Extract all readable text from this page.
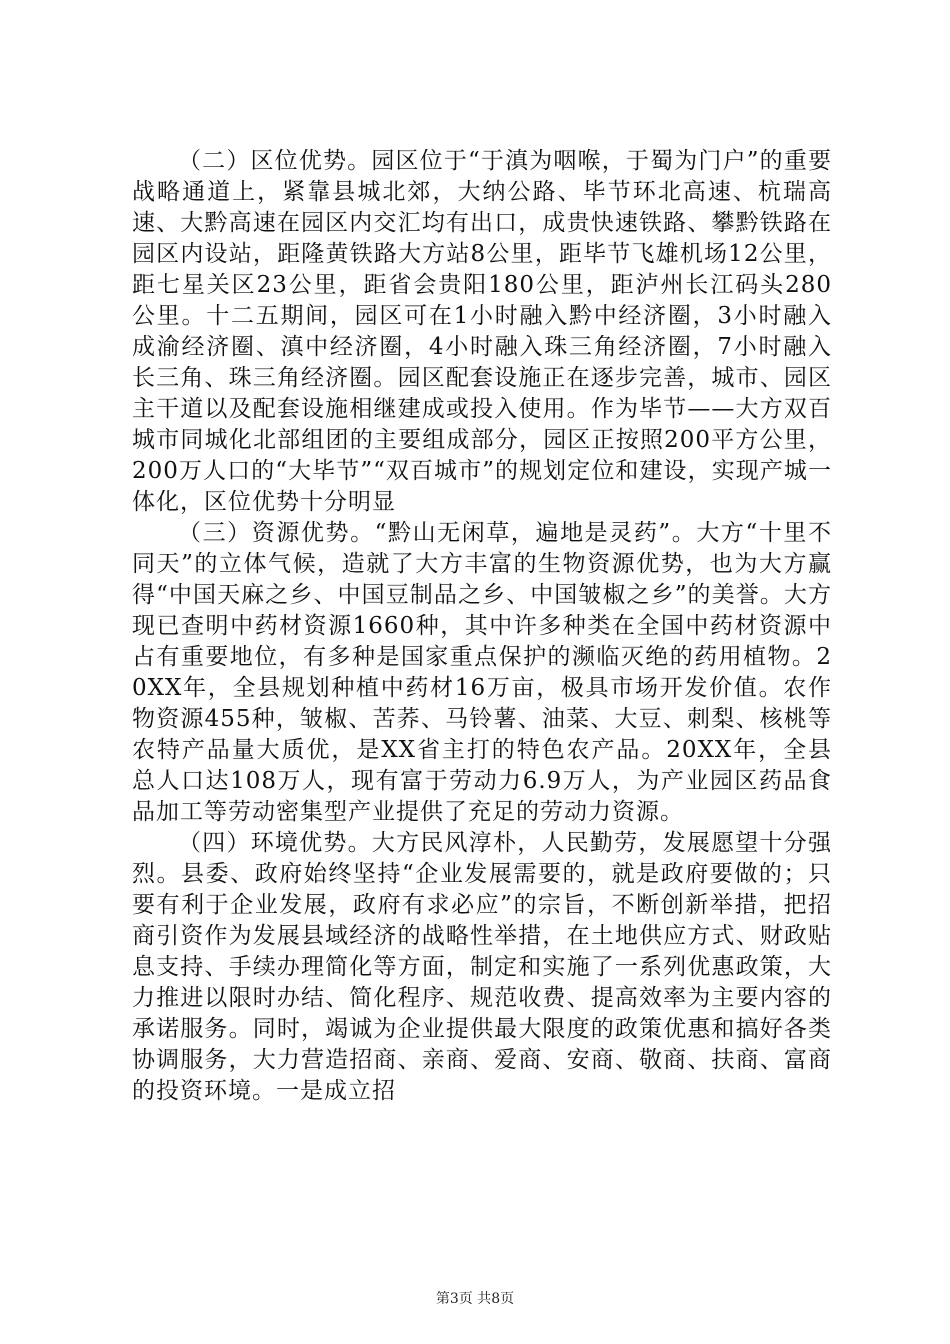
（二）区位优势。园区位于“于滇为咽喉，于蜀为门户”的重要战略通道上，紧靠县城北郊，大纳公路、毕节环北高速、杭瑞高速、大黔高速在园区内交汇均有出口，成贵快速铁路、攀黔铁路在园区内设站，距隆黄铁路大方站8公里，距毕节飞雄机场12公里，距七星关区23公里，距省会贵阳180公里，距泸州长江码头280公里。十二五期间，园区可在1小时融入黔中经济圈，3小时融入成渝经济圈、滇中经济圈，4小时融入珠三角经济圈，7小时融入长三角、珠三角经济圈。园区配套设施正在逐步完善，城市、园区主干道以及配套设施相继建成或投入使用。作为毕节——大方双百城市同城化北部组团的主要组成部分，园区正按照200平方公里，200万人口的“大毕节”“双百城市”的规划定位和建设，实现产城一体化，区位优势十分明显

（三）资源优势。“黔山无闲草，遍地是灵药”。大方“十里不同天”的立体气候，造就了大方丰富的生物资源优势，也为大方赢得“中国天麻之乡、中国豆制品之乡、中国皱椒之乡”的美誉。大方现已查明中药材资源1660种，其中许多种类在全国中药材资源中占有重要地位，有多种是国家重点保护的濒临灭绝的药用植物。20XX年，全县规划种植中药材16万亩，极具市场开发价值。农作物资源455种，皱椒、苦荞、马铃薯、油菜、大豆、刺梨、核桃等农特产品量大质优，是XX省主打的特色农产品。20XX年，全县总人口达108万人，现有富于劳动力6.9万人，为产业园区药品食品加工等劳动密集型产业提供了充足的劳动力资源。

（四）环境优势。大方民风淳朴，人民勤劳，发展愿望十分强烈。县委、政府始终坚持“企业发展需要的，就是政府要做的；只要有利于企业发展，政府有求必应”的宗旨，不断创新举措，把招商引资作为发展县域经济的战略性举措，在土地供应方式、财政贴息支持、手续办理简化等方面，制定和实施了一系列优惠政策，大力推进以限时办结、简化程序、规范收费、提高效率为主要内容的承诺服务。同时，竭诚为企业提供最大限度的政策优惠和搞好各类协调服务，大力营造招商、亲商、爱商、安商、敬商、扶商、富商的投资环境。一是成立招

第3页 共8页
